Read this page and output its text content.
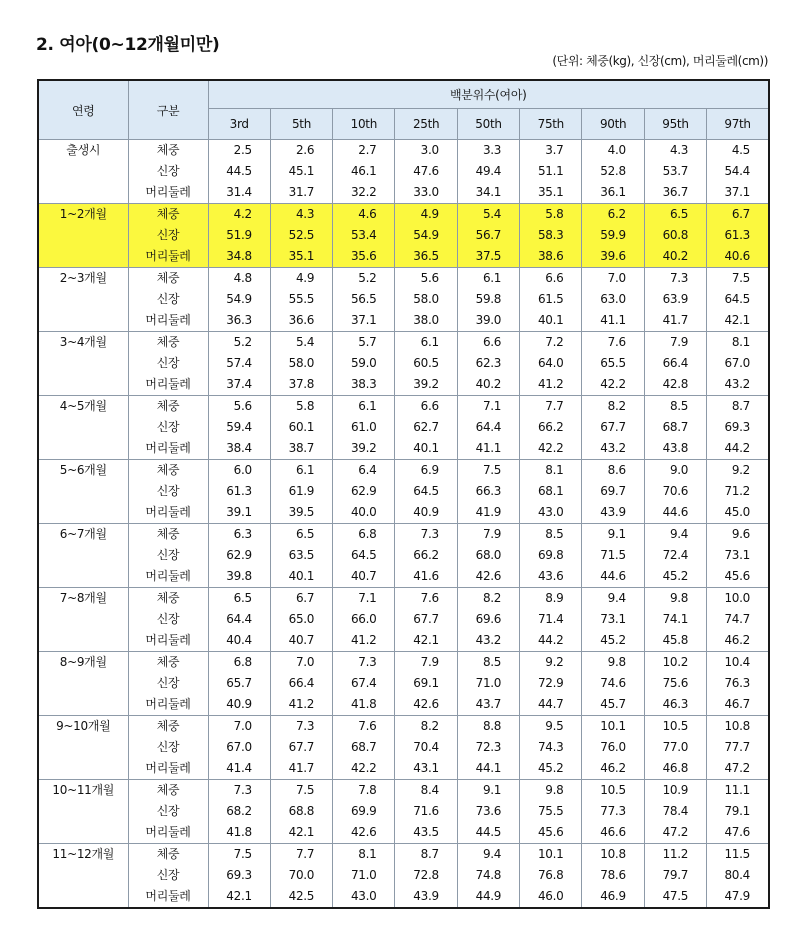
2. 여아(0~12개월미만)
(단위: 체중(kg), 신장(cm), 머리둘레(cm))
연령	구분	백분위수(여아)								
		3rd	5th	10th	25th	50th	75th	90th	95th	97th
출생시	체중	2.5	2.6	2.7	3.0	3.3	3.7	4.0	4.3	4.5
	신장	44.5	45.1	46.1	47.6	49.4	51.1	52.8	53.7	54.4
	머리둘레	31.4	31.7	32.2	33.0	34.1	35.1	36.1	36.7	37.1
1~2개월	체중	4.2	4.3	4.6	4.9	5.4	5.8	6.2	6.5	6.7
	신장	51.9	52.5	53.4	54.9	56.7	58.3	59.9	60.8	61.3
	머리둘레	34.8	35.1	35.6	36.5	37.5	38.6	39.6	40.2	40.6
2~3개월	체중	4.8	4.9	5.2	5.6	6.1	6.6	7.0	7.3	7.5
	신장	54.9	55.5	56.5	58.0	59.8	61.5	63.0	63.9	64.5
	머리둘레	36.3	36.6	37.1	38.0	39.0	40.1	41.1	41.7	42.1
3~4개월	체중	5.2	5.4	5.7	6.1	6.6	7.2	7.6	7.9	8.1
	신장	57.4	58.0	59.0	60.5	62.3	64.0	65.5	66.4	67.0
	머리둘레	37.4	37.8	38.3	39.2	40.2	41.2	42.2	42.8	43.2
4~5개월	체중	5.6	5.8	6.1	6.6	7.1	7.7	8.2	8.5	8.7
	신장	59.4	60.1	61.0	62.7	64.4	66.2	67.7	68.7	69.3
	머리둘레	38.4	38.7	39.2	40.1	41.1	42.2	43.2	43.8	44.2
5~6개월	체중	6.0	6.1	6.4	6.9	7.5	8.1	8.6	9.0	9.2
	신장	61.3	61.9	62.9	64.5	66.3	68.1	69.7	70.6	71.2
	머리둘레	39.1	39.5	40.0	40.9	41.9	43.0	43.9	44.6	45.0
6~7개월	체중	6.3	6.5	6.8	7.3	7.9	8.5	9.1	9.4	9.6
	신장	62.9	63.5	64.5	66.2	68.0	69.8	71.5	72.4	73.1
	머리둘레	39.8	40.1	40.7	41.6	42.6	43.6	44.6	45.2	45.6
7~8개월	체중	6.5	6.7	7.1	7.6	8.2	8.9	9.4	9.8	10.0
	신장	64.4	65.0	66.0	67.7	69.6	71.4	73.1	74.1	74.7
	머리둘레	40.4	40.7	41.2	42.1	43.2	44.2	45.2	45.8	46.2
8~9개월	체중	6.8	7.0	7.3	7.9	8.5	9.2	9.8	10.2	10.4
	신장	65.7	66.4	67.4	69.1	71.0	72.9	74.6	75.6	76.3
	머리둘레	40.9	41.2	41.8	42.6	43.7	44.7	45.7	46.3	46.7
9~10개월	체중	7.0	7.3	7.6	8.2	8.8	9.5	10.1	10.5	10.8
	신장	67.0	67.7	68.7	70.4	72.3	74.3	76.0	77.0	77.7
	머리둘레	41.4	41.7	42.2	43.1	44.1	45.2	46.2	46.8	47.2
10~11개월	체중	7.3	7.5	7.8	8.4	9.1	9.8	10.5	10.9	11.1
	신장	68.2	68.8	69.9	71.6	73.6	75.5	77.3	78.4	79.1
	머리둘레	41.8	42.1	42.6	43.5	44.5	45.6	46.6	47.2	47.6
11~12개월	체중	7.5	7.7	8.1	8.7	9.4	10.1	10.8	11.2	11.5
	신장	69.3	70.0	71.0	72.8	74.8	76.8	78.6	79.7	80.4
	머리둘레	42.1	42.5	43.0	43.9	44.9	46.0	46.9	47.5	47.9
